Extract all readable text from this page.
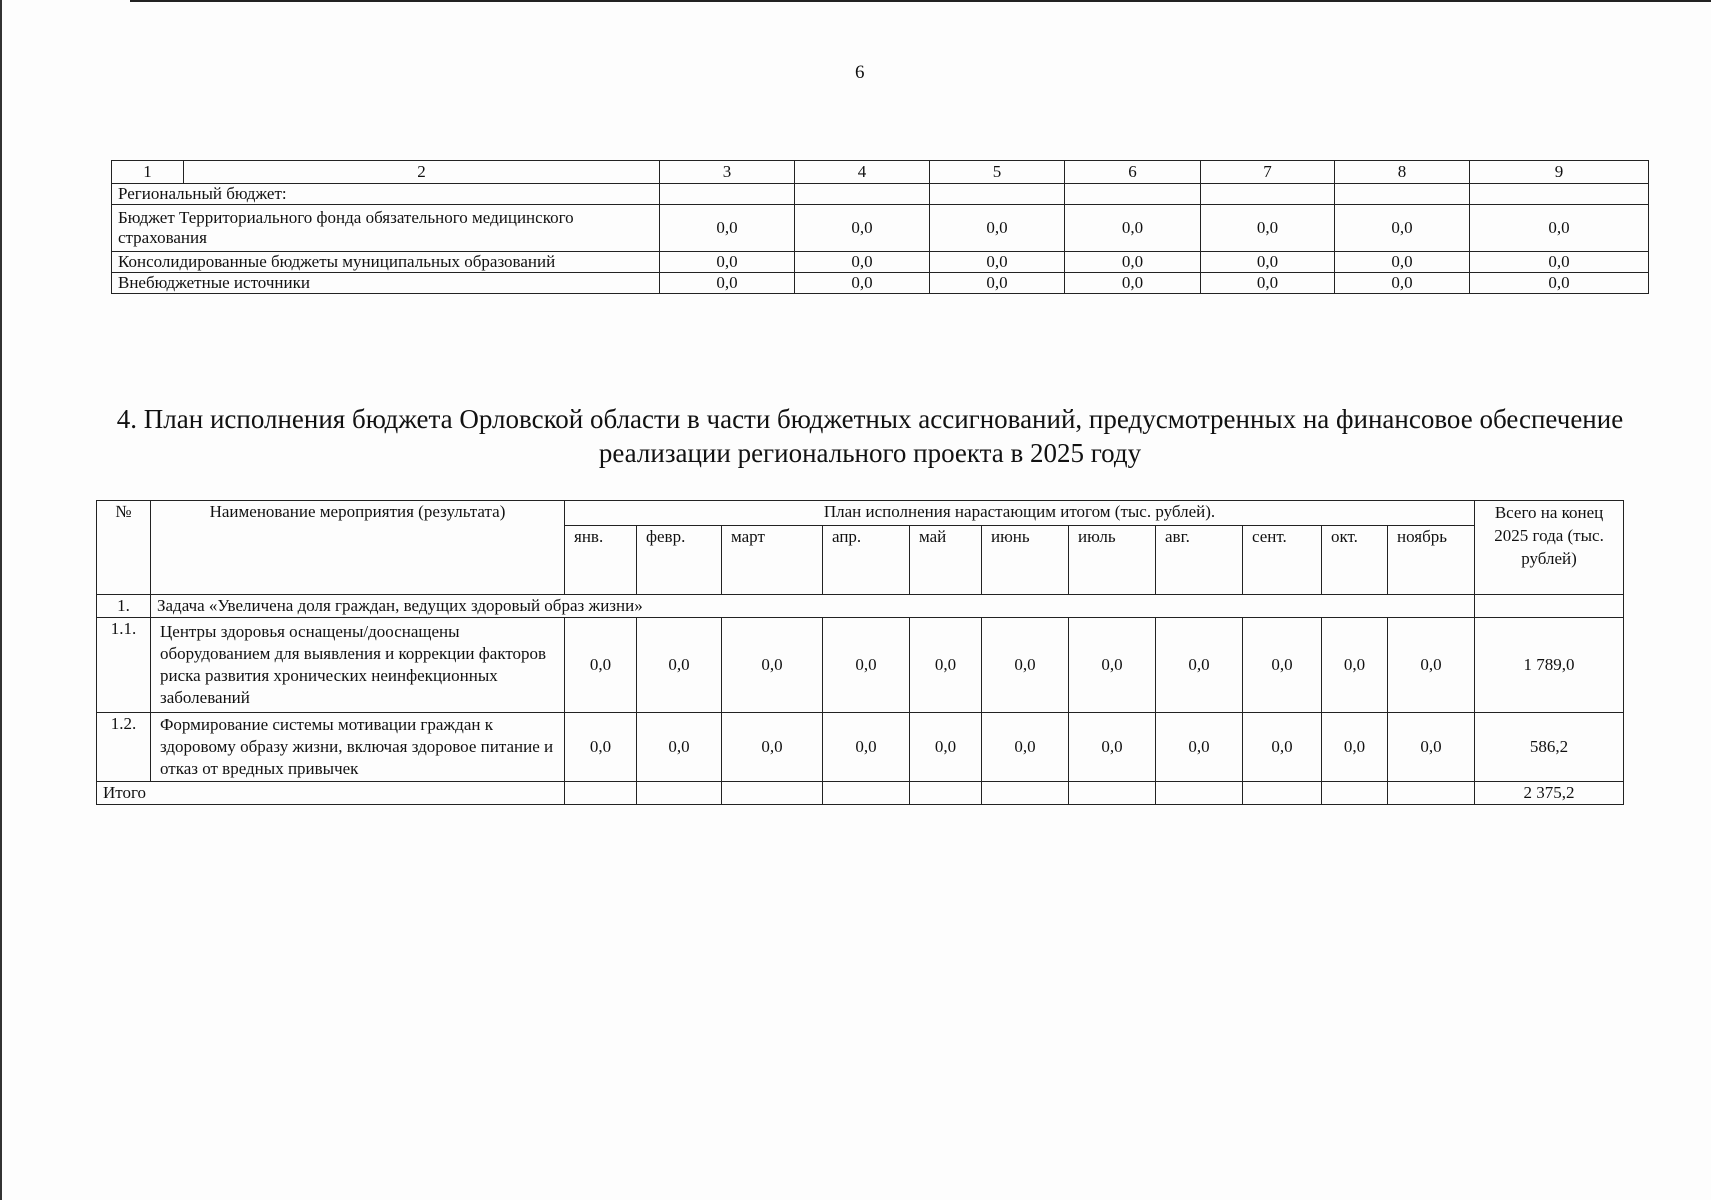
6
1	2	3	4	5	6	7	8	9
Региональный бюджет:								
Бюджет Территориального фонда обязательного медицинского страхования		0,0	0,0	0,0	0,0	0,0	0,0	0,0
Консолидированные бюджеты муниципальных образований		0,0	0,0	0,0	0,0	0,0	0,0	0,0
Внебюджетные источники		0,0	0,0	0,0	0,0	0,0	0,0	0,0
4. План исполнения бюджета Орловской области в части бюджетных ассигнований, предусмотренных на финансовое обеспечение реализации регионального проекта в 2025 году
№	Наименование мероприятия (результата)	План исполнения нарастающим итогом (тыс. рублей).											Всего на конец 2025 года (тыс. рублей)
		янв.	февр.	март	апр.	май	июнь	июль	авг.	сент.	окт.	ноябрь	
1.	Задача «Увеличена доля граждан, ведущих здоровый образ жизни»												
1.1.	Центры здоровья оснащены/дооснащены оборудованием для выявления и коррекции факторов риска развития хронических неинфекционных заболеваний	0,0	0,0	0,0	0,0	0,0	0,0	0,0	0,0	0,0	0,0	0,0	1 789,0
1.2.	Формирование системы мотивации граждан к здоровому образу жизни, включая здоровое питание и отказ от вредных привычек	0,0	0,0	0,0	0,0	0,0	0,0	0,0	0,0	0,0	0,0	0,0	586,2
Итого													2 375,2
